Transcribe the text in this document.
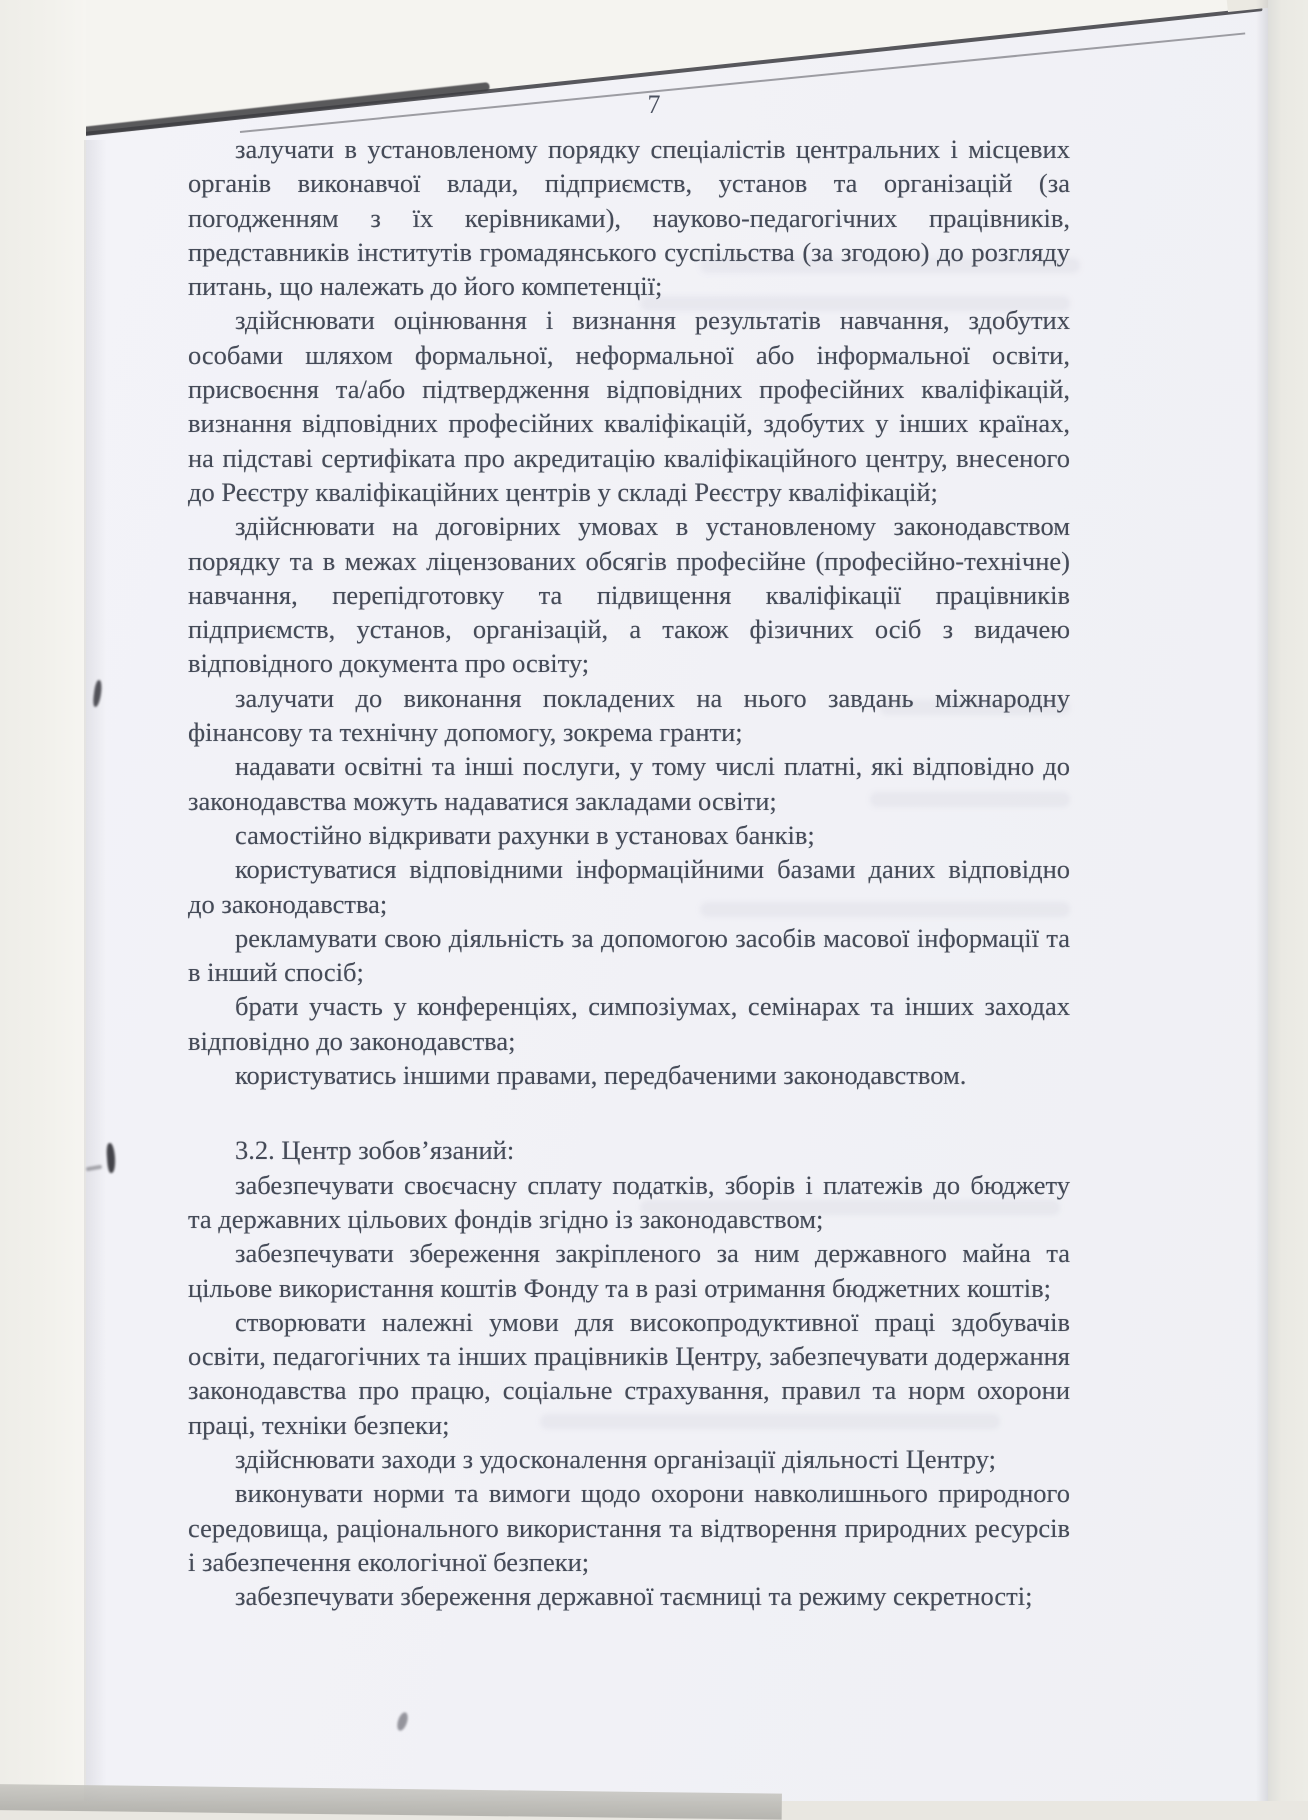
7

залучати в установленому порядку спеціалістів центральних і місцевих органів виконавчої влади, підприємств, установ та організацій (за погодженням з їх керівниками), науково-педагогічних працівників, представників інститутів громадянського суспільства (за згодою) до розгляду питань, що належать до його компетенції;

здійснювати оцінювання і визнання результатів навчання, здобутих особами шляхом формальної, неформальної або інформальної освіти, присвоєння та/або підтвердження відповідних професійних кваліфікацій, визнання відповідних професійних кваліфікацій, здобутих у інших країнах, на підставі сертифіката про акредитацію кваліфікаційного центру, внесеного до Реєстру кваліфікаційних центрів у складі Реєстру кваліфікацій;

здійснювати на договірних умовах в установленому законодавством порядку та в межах ліцензованих обсягів професійне (професійно-технічне) навчання, перепідготовку та підвищення кваліфікації працівників підприємств, установ, організацій, а також фізичних осіб з видачею відповідного документа про освіту;

залучати до виконання покладених на нього завдань міжнародну фінансову та технічну допомогу, зокрема гранти;

надавати освітні та інші послуги, у тому числі платні, які відповідно до законодавства можуть надаватися закладами освіти;

самостійно відкривати рахунки в установах банків;

користуватися відповідними інформаційними базами даних відповідно до законодавства;

рекламувати свою діяльність за допомогою засобів масової інформації та в інший спосіб;

брати участь у конференціях, симпозіумах, семінарах та інших заходах відповідно до законодавства;

користуватись іншими правами, передбаченими законодавством.

3.2. Центр зобов’язаний:

забезпечувати своєчасну сплату податків, зборів і платежів до бюджету та державних цільових фондів згідно із законодавством;

забезпечувати збереження закріпленого за ним державного майна та цільове використання коштів Фонду та в разі отримання бюджетних коштів;

створювати належні умови для високопродуктивної праці здобувачів освіти, педагогічних та інших працівників Центру, забезпечувати додержання законодавства про працю, соціальне страхування, правил та норм охорони праці, техніки безпеки;

здійснювати заходи з удосконалення організації діяльності Центру;

виконувати норми та вимоги щодо охорони навколишнього природного середовища, раціонального використання та відтворення природних ресурсів і забезпечення екологічної безпеки;

забезпечувати збереження державної таємниці та режиму секретності;
